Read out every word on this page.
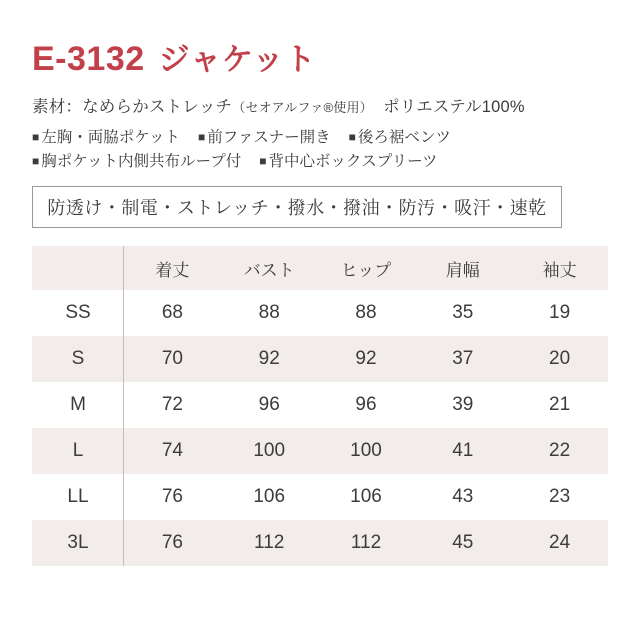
E-3132 ジャケット
素材：なめらかストレッチ（セオアルファ®使用）　 ポリエステル100%
■ 左胸・両脇ポケット ■ 前ファスナー開き ■ 後ろ裾ベンツ
■ 胸ポケット内側共布ループ付 ■ 背中心ボックスプリーツ
防透け・制電・ストレッチ・撥水・撥油・防汚・吸汗・速乾
	着丈	バスト	ヒップ	肩幅	袖丈
SS	68	88	88	35	19
S	70	92	92	37	20
M	72	96	96	39	21
L	74	100	100	41	22
LL	76	106	106	43	23
3L	76	112	112	45	24
